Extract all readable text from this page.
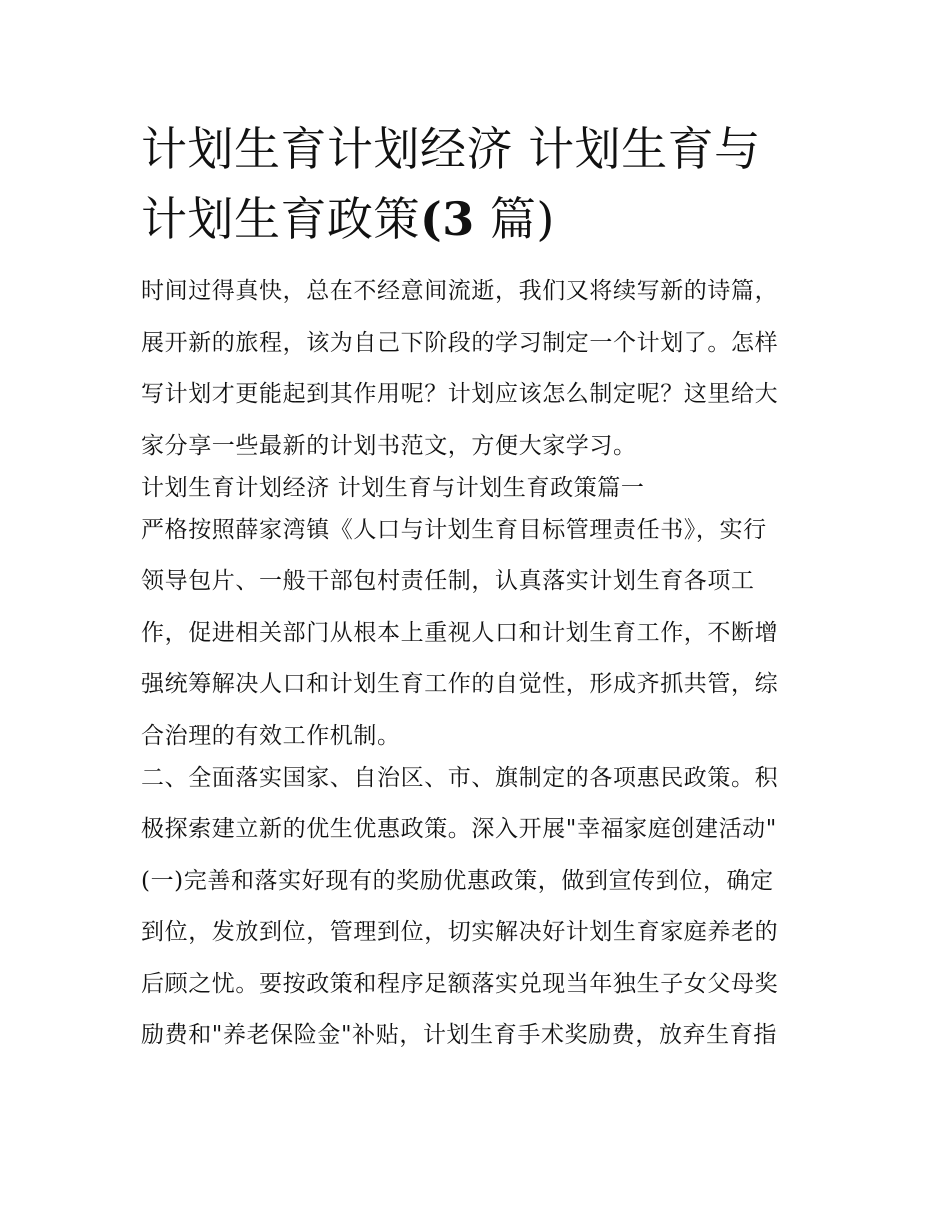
计划生育计划经济 计划生育与
计划生育政策(3 篇)
时间过得真快，总在不经意间流逝，我们又将续写新的诗篇，
展开新的旅程，该为自己下阶段的学习制定一个计划了。怎样
写计划才更能起到其作用呢？计划应该怎么制定呢？这里给大
家分享一些最新的计划书范文，方便大家学习。
计划生育计划经济 计划生育与计划生育政策篇一
严格按照薛家湾镇《人口与计划生育目标管理责任书》，实行
领导包片、一般干部包村责任制，认真落实计划生育各项工
作，促进相关部门从根本上重视人口和计划生育工作，不断增
强统筹解决人口和计划生育工作的自觉性，形成齐抓共管，综
合治理的有效工作机制。
二、全面落实国家、自治区、市、旗制定的各项惠民政策。积
极探索建立新的优生优惠政策。深入开展"幸福家庭创建活动"
(一)完善和落实好现有的奖励优惠政策，做到宣传到位，确定
到位，发放到位，管理到位，切实解决好计划生育家庭养老的
后顾之忧。要按政策和程序足额落实兑现当年独生子女父母奖
励费和"养老保险金"补贴，计划生育手术奖励费，放弃生育指
